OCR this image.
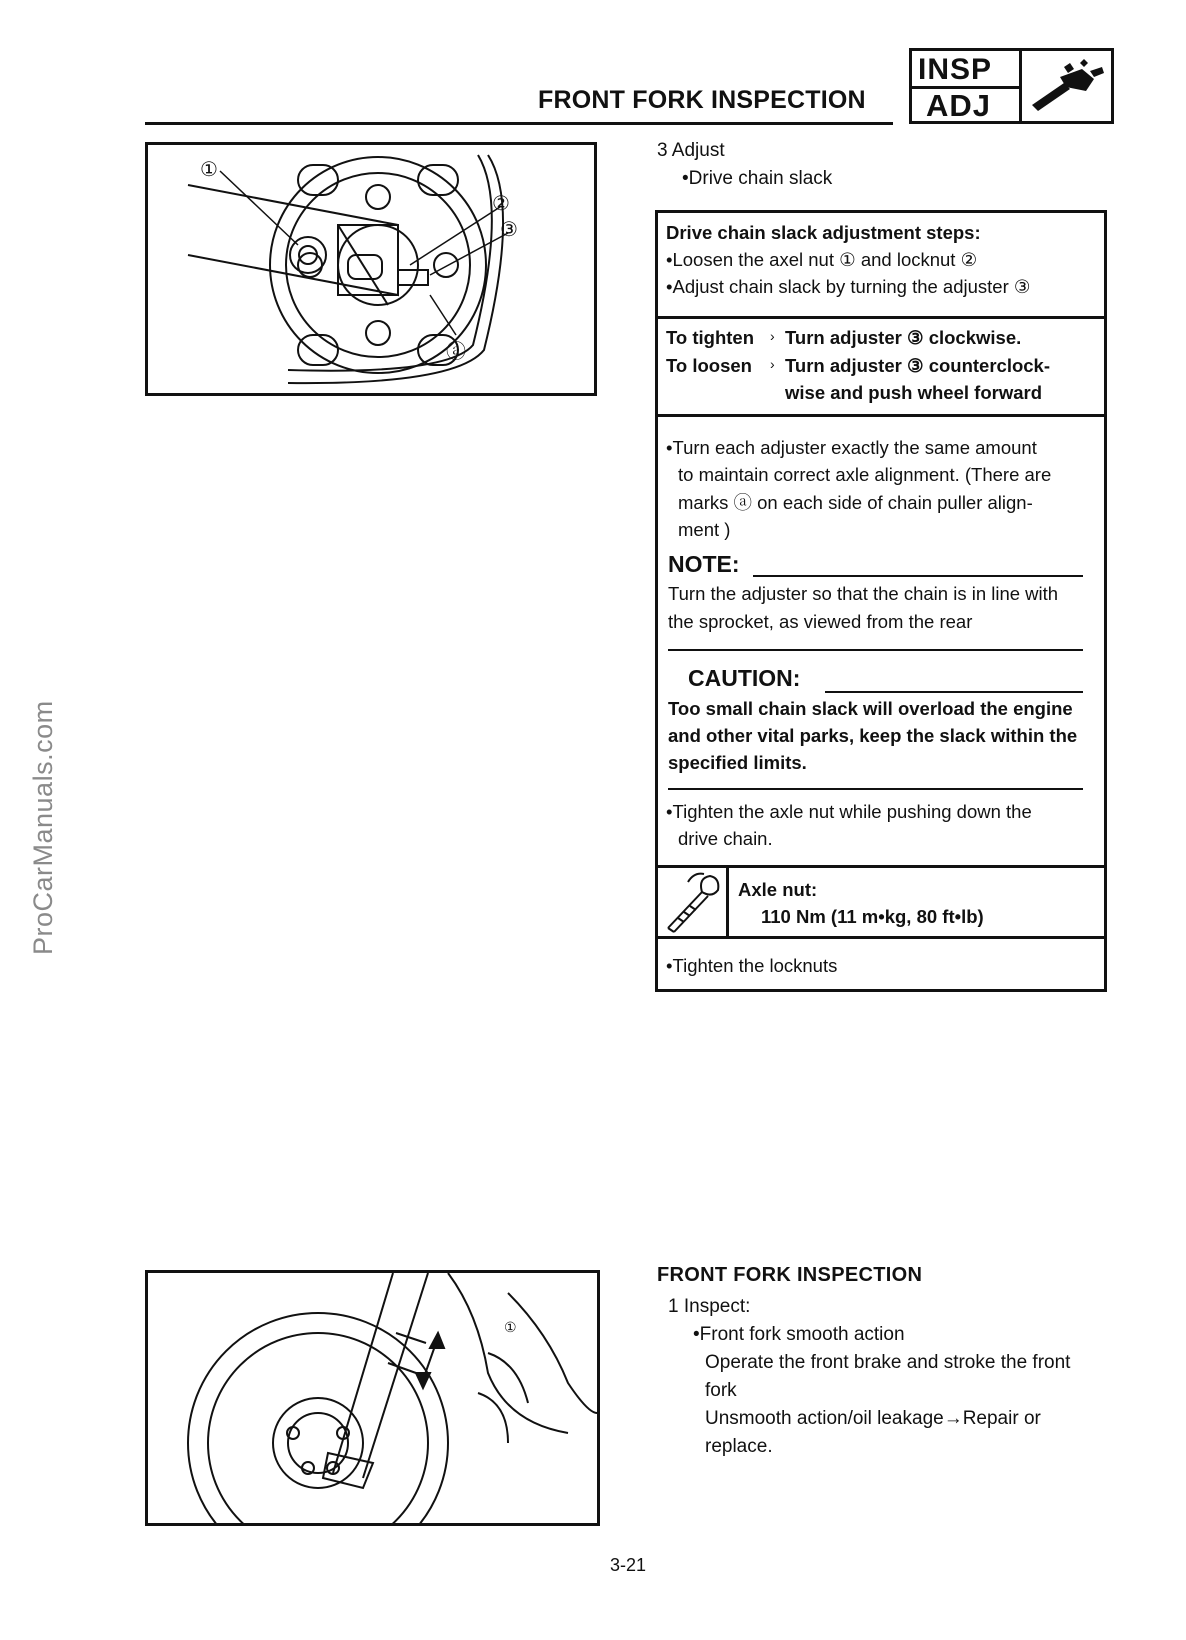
ProCarManuals.com
FRONT FORK INSPECTION
INSP
ADJ
①
②
③
ⓐ
3 Adjust
•Drive chain slack
Drive chain slack adjustment steps:
•Loosen the axel nut ① and locknut ②
•Adjust chain slack by turning the adjuster ③
To tighten › Turn adjuster ③ clockwise.
To loosen › Turn adjuster ③ counterclock-
wise and push wheel forward
•Turn each adjuster exactly the same amount
to maintain correct axle alignment. (There are
marks ⓐ on each side of chain puller align-
ment )
NOTE:
Turn the adjuster so that the chain is in line with
the sprocket, as viewed from the rear
CAUTION:
Too small chain slack will overload the engine
and other vital parks, keep the slack within the
specified limits.
•Tighten the axle nut while pushing down the
drive chain.
Axle nut:
110 Nm (11 m•kg, 80 ft•lb)
•Tighten the locknuts
①
FRONT FORK INSPECTION
1 Inspect:
•Front fork smooth action
Operate the front brake and stroke the front
fork
Unsmooth action/oil leakage→Repair or
replace.
3-21
